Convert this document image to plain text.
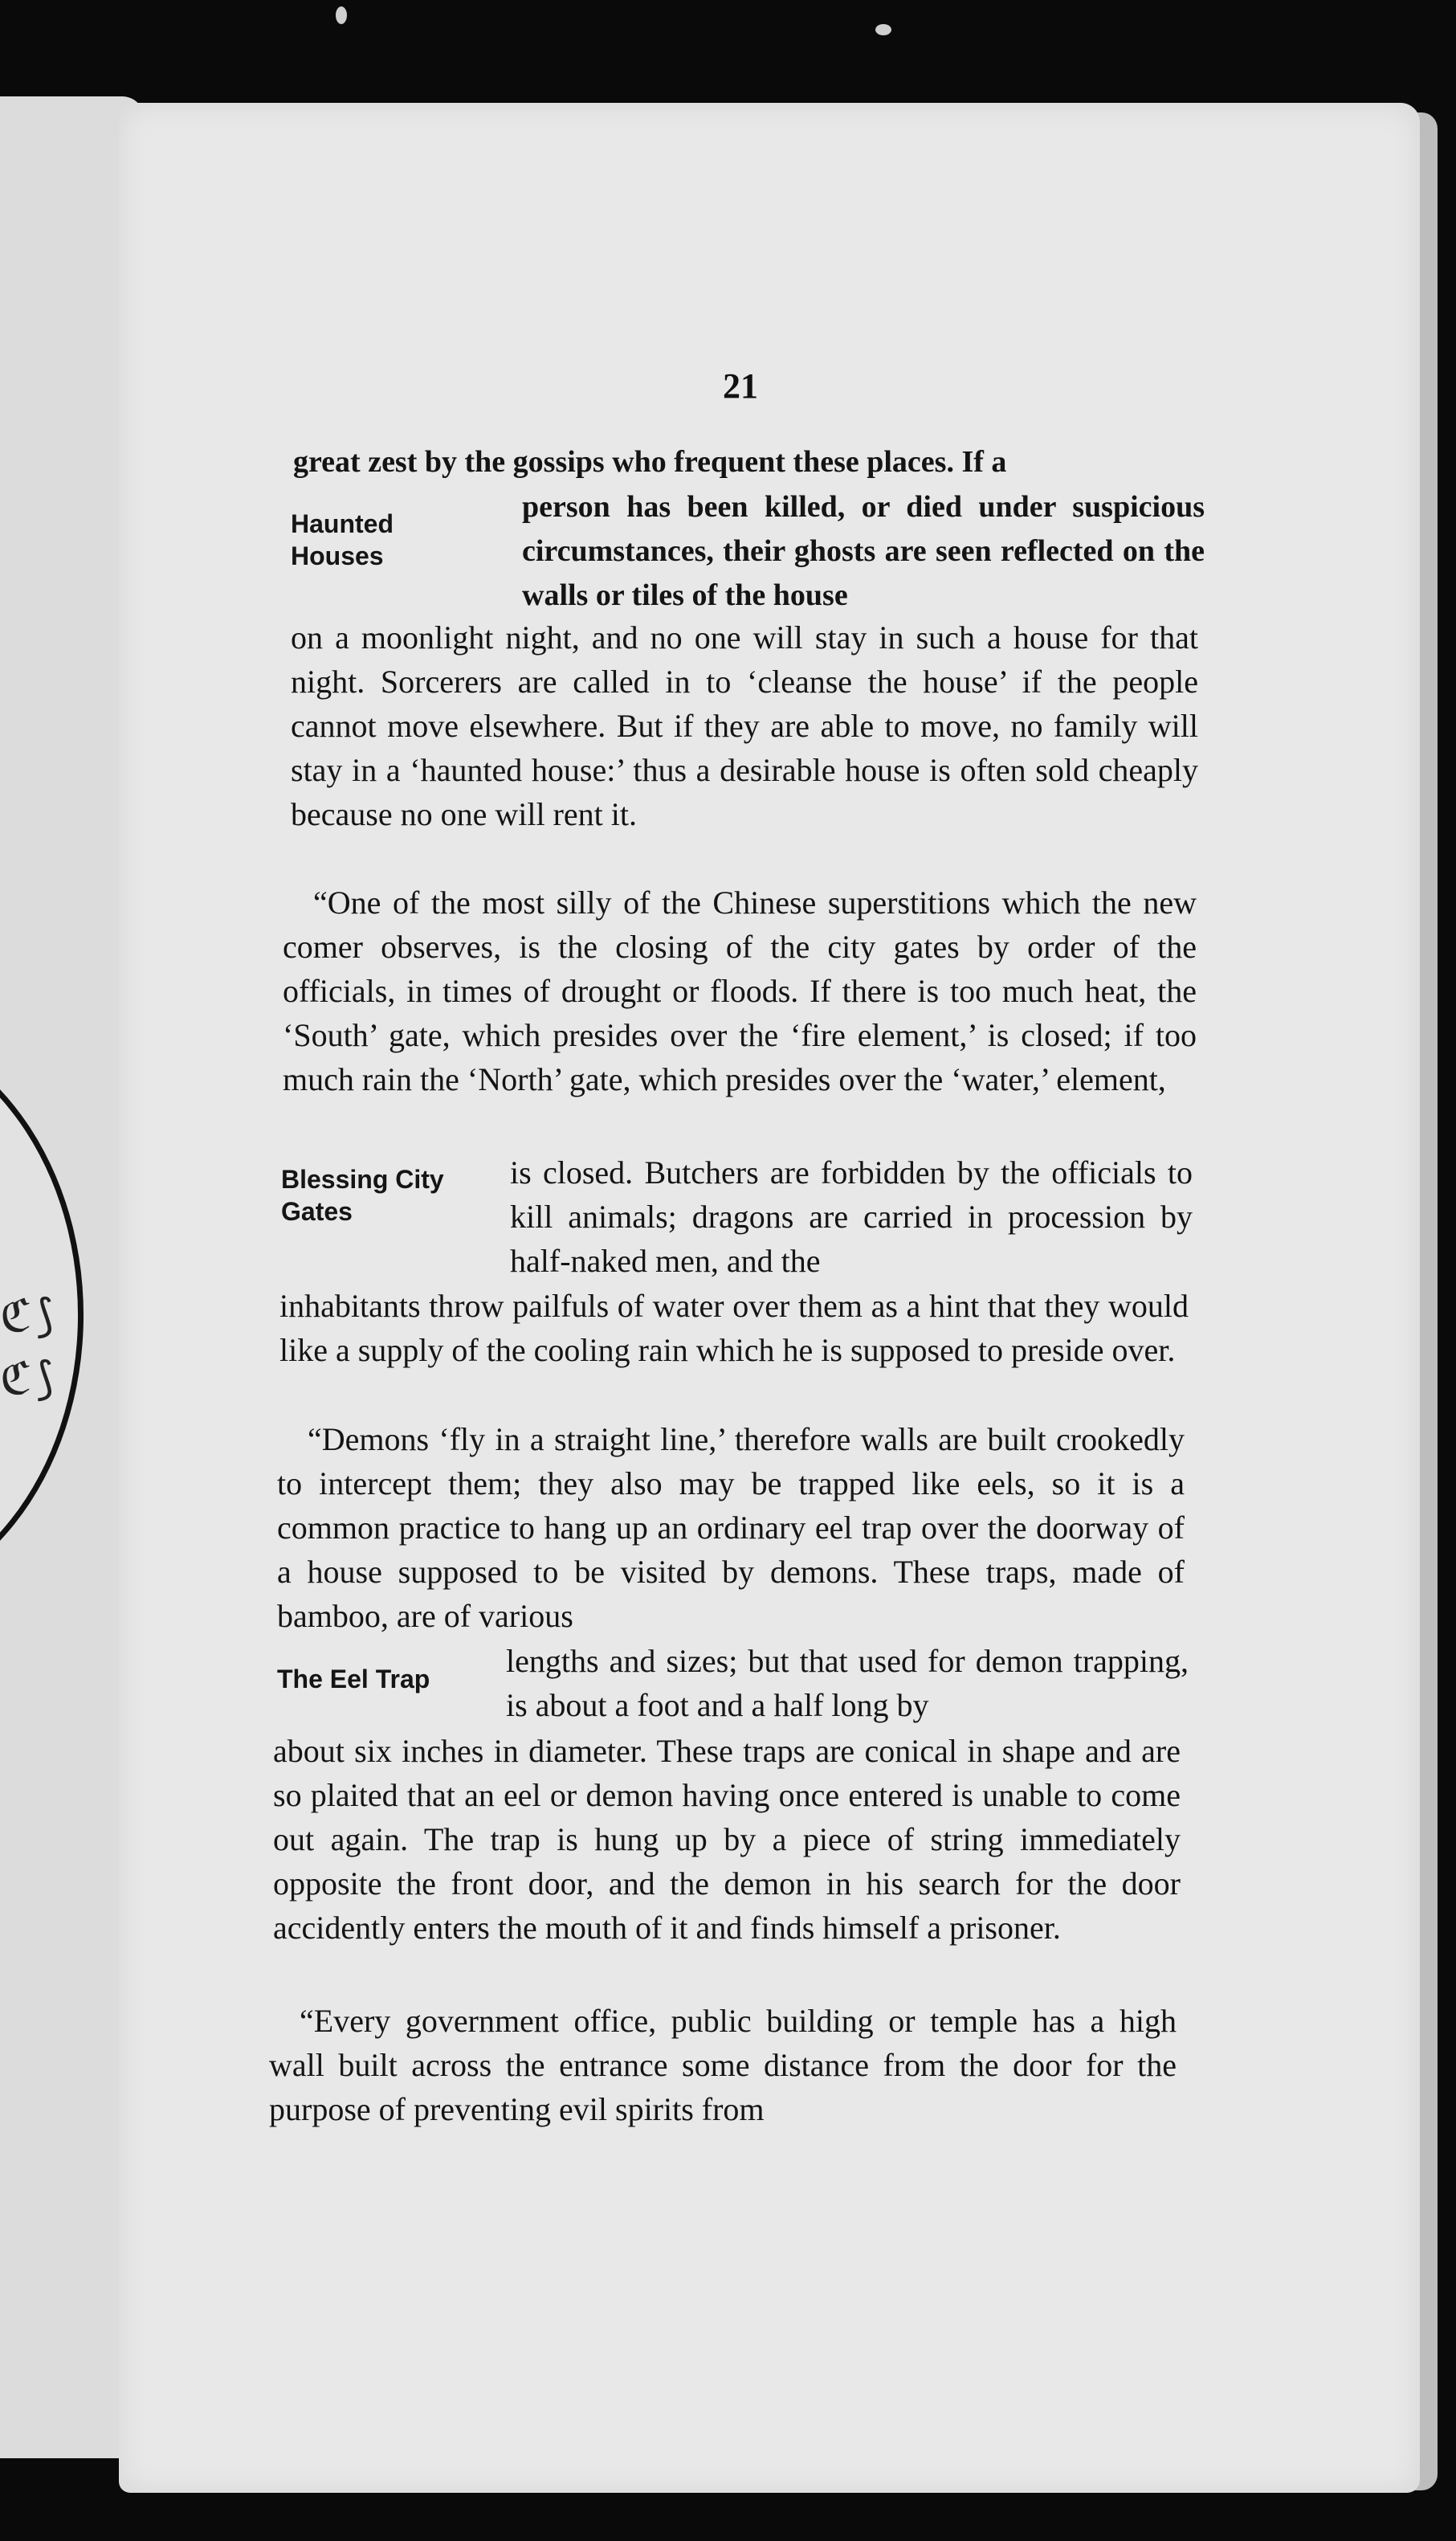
ℭ ⟆ ℭ ⟆
21
great zest by the gossips who frequent these places. If a
Haunted
Houses
person has been killed, or died under suspicious circumstances, their ghosts are seen reflected on the walls or tiles of the house
on a moonlight night, and no one will stay in such a house for that night. Sorcerers are called in to ‘cleanse the house’ if the people cannot move elsewhere. But if they are able to move, no family will stay in a ‘haunted house:’ thus a desirable house is often sold cheaply because no one will rent it.
“One of the most silly of the Chinese superstitions which the new comer observes, is the closing of the city gates by order of the officials, in times of drought or floods. If there is too much heat, the ‘South’ gate, which presides over the ‘fire element,’ is closed; if too much rain the ‘North’ gate, which presides over the ‘water,’ element,
Blessing City
Gates
is closed. Butchers are forbidden by the officials to kill animals; dragons are carried in procession by half-naked men, and the
inhabitants throw pailfuls of water over them as a hint that they would like a supply of the cooling rain which he is supposed to preside over.
“Demons ‘fly in a straight line,’ therefore walls are built crookedly to intercept them; they also may be trapped like eels, so it is a common practice to hang up an ordinary eel trap over the doorway of a house supposed to be visited by demons. These traps, made of bamboo, are of various
The Eel Trap lengths and sizes; but that used for demon trapping, is about a foot and a half long by
about six inches in diameter. These traps are conical in shape and are so plaited that an eel or demon having once entered is unable to come out again. The trap is hung up by a piece of string immediately opposite the front door, and the demon in his search for the door accidently enters the mouth of it and finds himself a prisoner.
“Every government office, public building or temple has a high wall built across the entrance some distance from the door for the purpose of preventing evil spirits from
